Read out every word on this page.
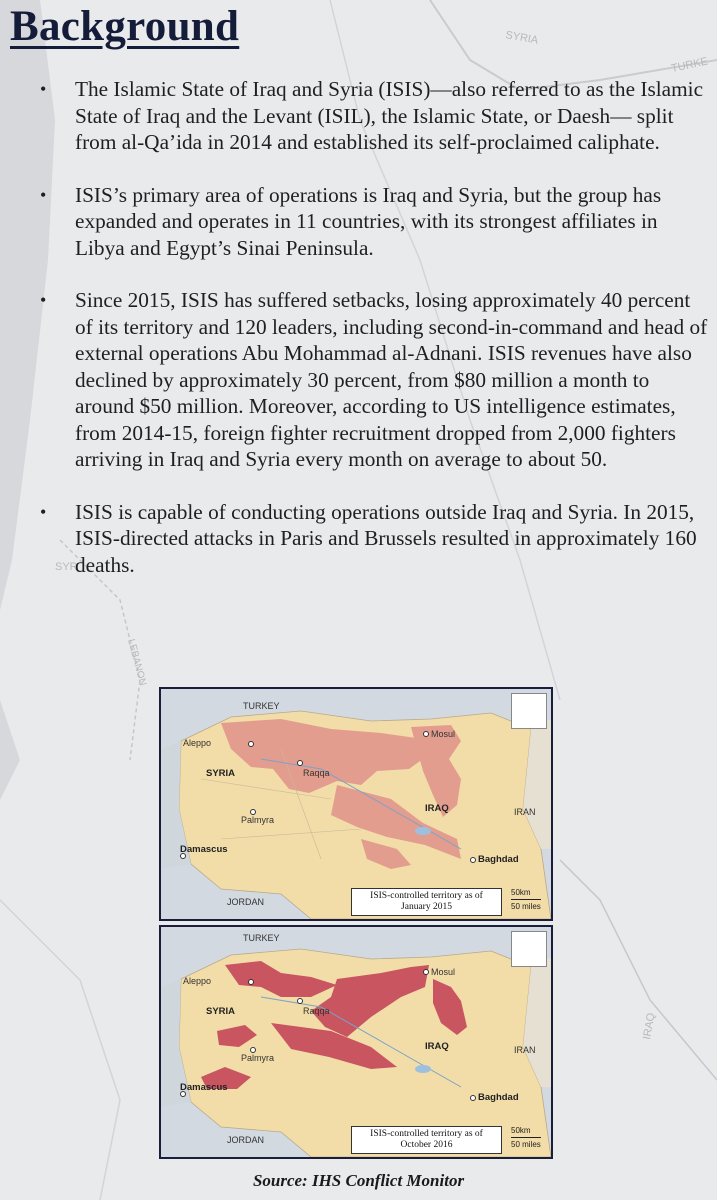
SYRIA
TURKE
SYR
LEBANON
IRAQ
Background
• The Islamic State of Iraq and Syria (ISIS)—also referred to as the Islamic State of Iraq and the Levant (ISIL), the Islamic State, or Daesh— split from al-Qa’ida in 2014 and established its self-proclaimed caliphate.
• ISIS’s primary area of operations is Iraq and Syria, but the group has expanded and operates in 11 countries, with its strongest affiliates in Libya and Egypt’s Sinai Peninsula.
• Since 2015, ISIS has suffered setbacks, losing approximately 40 percent of its territory and 120 leaders, including second-in-command and head of external operations Abu Mohammad al-Adnani. ISIS revenues have also declined by approximately 30 percent, from $80 million a month to around $50 million. Moreover, according to US intelligence estimates, from 2014-15, foreign fighter recruitment dropped from 2,000 fighters arriving in Iraq and Syria every month on average to about 50.
• ISIS is capable of conducting operations outside Iraq and Syria. In 2015, ISIS-directed attacks in Paris and Brussels resulted in approximately 160 deaths.
TURKEY
Aleppo
Raqqa
Mosul
SYRIA
Palmyra
IRAQ	IRAN
Damascus
Baghdad
JORDAN
ISIS-controlled territory as of January 2015
50km
50 miles
TURKEY
Aleppo
Raqqa
Mosul
SYRIA
Palmyra
IRAQ	IRAN
Damascus
Baghdad
JORDAN
ISIS-controlled territory as of October 2016
50km
50 miles
Source: IHS Conflict Monitor
